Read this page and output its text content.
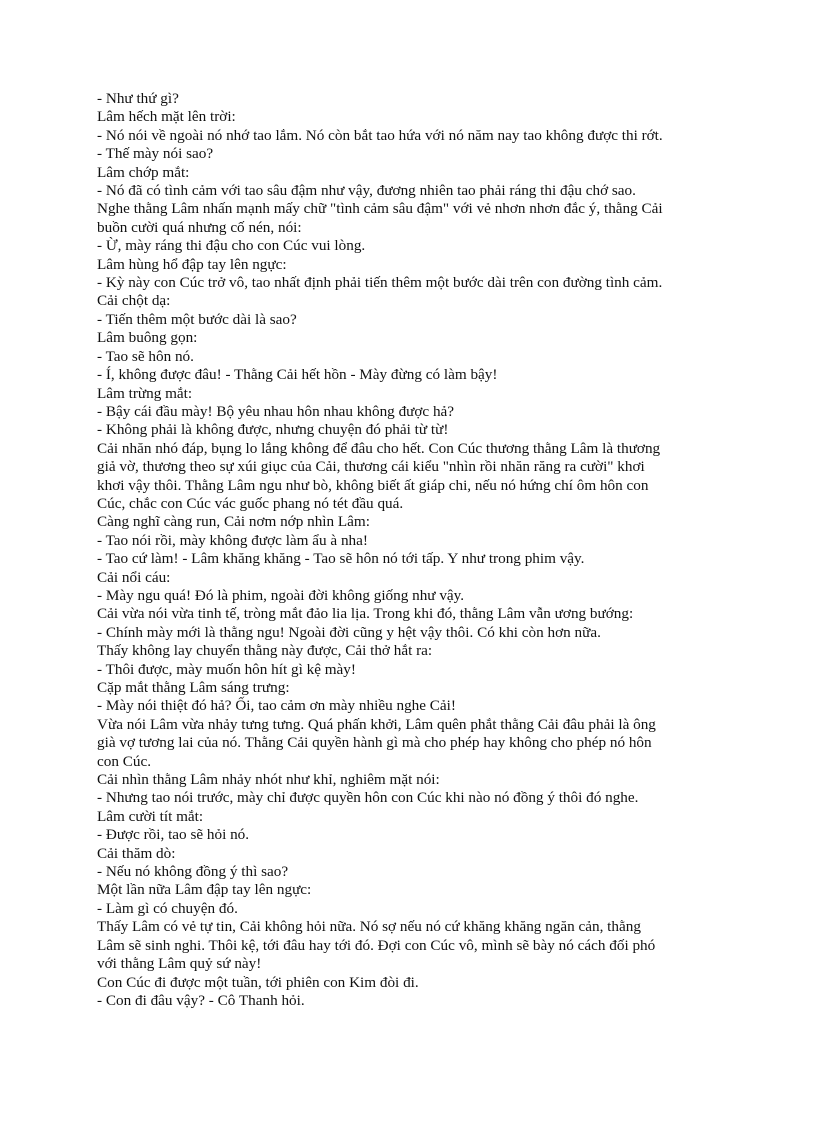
- Như thứ gì?
Lâm hếch mặt lên trời:
- Nó nói về ngoài nó nhớ tao lắm. Nó còn bắt tao hứa với nó năm nay tao không được thi rớt.
- Thế mày nói sao?
Lâm chớp mắt:
- Nó đã có tình cảm với tao sâu đậm như vậy, đương nhiên tao phải ráng thi đậu chớ sao.
Nghe thằng Lâm nhấn mạnh mấy chữ "tình cảm sâu đậm" với vẻ nhơn nhơn đắc ý, thằng Cải
buồn cười quá nhưng cố nén, nói:
- Ừ, mày ráng thi đậu cho con Cúc vui lòng.
Lâm hùng hổ đập tay lên ngực:
- Kỳ này con Cúc trở vô, tao nhất định phải tiến thêm một bước dài trên con đường tình cảm.
Cải chột dạ:
- Tiến thêm một bước dài là sao?
Lâm buông gọn:
- Tao sẽ hôn nó.
- Í, không được đâu! - Thằng Cải hết hồn - Mày đừng có làm bậy!
Lâm trừng mắt:
- Bậy cái đầu mày! Bộ yêu nhau hôn nhau không được hả?
- Không phải là không được, nhưng chuyện đó phải từ từ!
Cải nhăn nhó đáp, bụng lo lắng không để đâu cho hết. Con Cúc thương thằng Lâm là thương
giả vờ, thương theo sự xúi giục của Cải, thương cái kiểu "nhìn rồi nhăn răng ra cười" khơi
khơi vậy thôi. Thằng Lâm ngu như bò, không biết ất giáp chi, nếu nó hứng chí ôm hôn con
Cúc, chắc con Cúc vác guốc phang nó tét đầu quá.
Càng nghĩ càng run, Cải nơm nớp nhìn Lâm:
- Tao nói rồi, mày không được làm ẩu à nha!
- Tao cứ làm! - Lâm khăng khăng - Tao sẽ hôn nó tới tấp. Y như trong phim vậy.
Cải nổi cáu:
- Mày ngu quá! Đó là phim, ngoài đời không giống như vậy.
Cải vừa nói vừa tinh tế, tròng mắt đảo lia lịa. Trong khi đó, thằng Lâm vẫn ương bướng:
- Chính mày mới là thằng ngu! Ngoài đời cũng y hệt vậy thôi. Có khi còn hơn nữa.
Thấy không lay chuyển thằng này được, Cải thở hắt ra:
- Thôi được, mày muốn hôn hít gì kệ mày!
Cặp mắt thằng Lâm sáng trưng:
- Mày nói thiệt đó hả? Ối, tao cảm ơn mày nhiều nghe Cải!
Vừa nói Lâm vừa nhảy tưng tưng. Quá phấn khởi, Lâm quên phắt thằng Cải đâu phải là ông
già vợ tương lai của nó. Thằng Cải quyền hành gì mà cho phép hay không cho phép nó hôn
con Cúc.
Cải nhìn thằng Lâm nhảy nhót như khỉ, nghiêm mặt nói:
- Nhưng tao nói trước, mày chỉ được quyền hôn con Cúc khi nào nó đồng ý thôi đó nghe.
Lâm cười tít mắt:
- Được rồi, tao sẽ hỏi nó.
Cải thăm dò:
- Nếu nó không đồng ý thì sao?
Một lần nữa Lâm đập tay lên ngực:
- Làm gì có chuyện đó.
Thấy Lâm có vẻ tự tin, Cải không hỏi nữa. Nó sợ nếu nó cứ khăng khăng ngăn cản, thằng
Lâm sẽ sinh nghi. Thôi kệ, tới đâu hay tới đó. Đợi con Cúc vô, mình sẽ bày nó cách đối phó
với thằng Lâm quỷ sứ này!
Con Cúc đi được một tuần, tới phiên con Kim đòi đi.
- Con đi đâu vậy? - Cô Thanh hỏi.
